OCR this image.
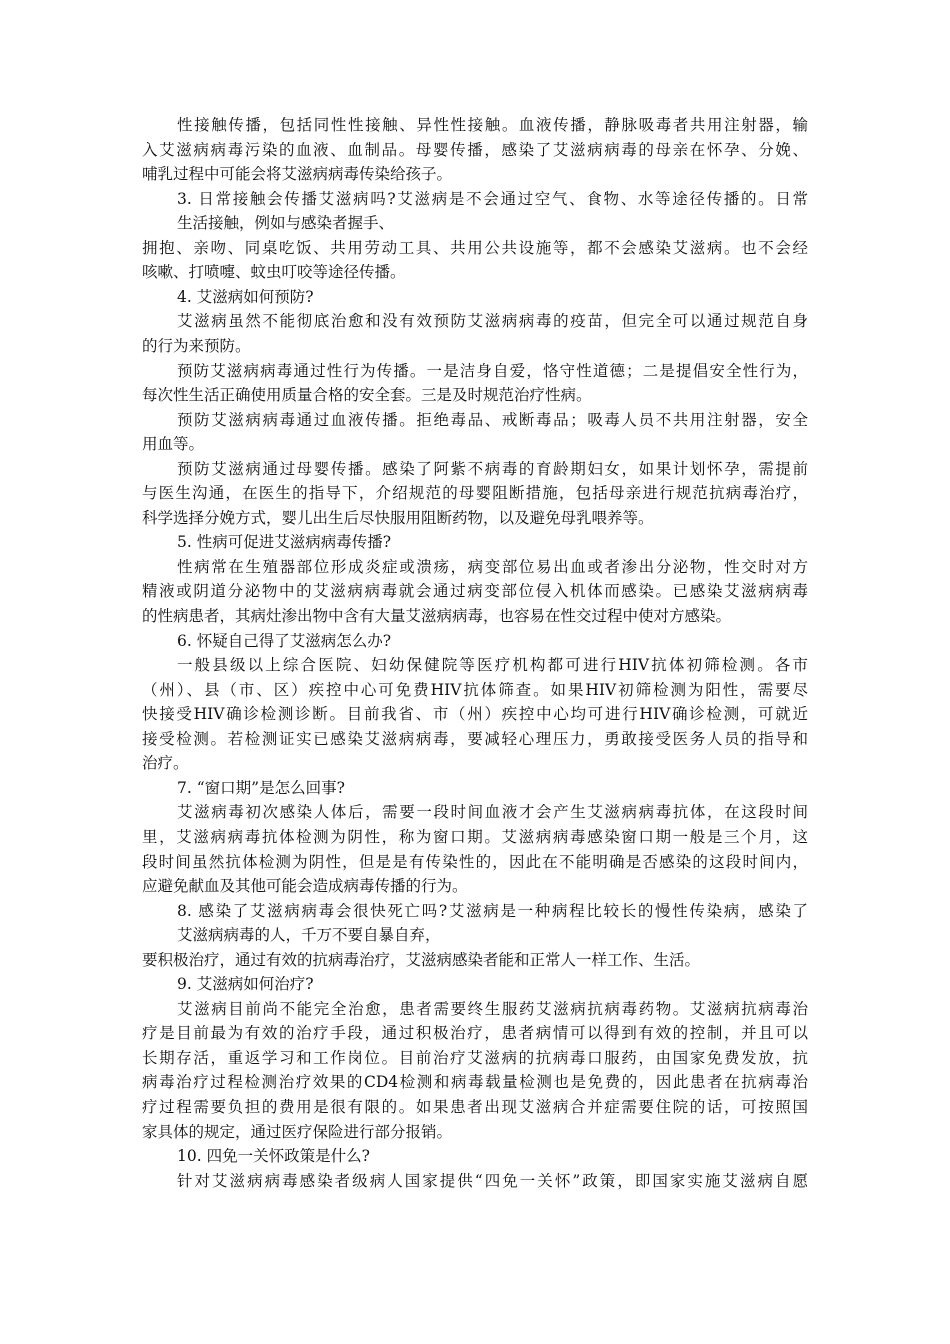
性接触传播，包括同性性接触、异性性接触。血液传播，静脉吸毒者共用注射器，输
入艾滋病病毒污染的血液、血制品。母婴传播，感染了艾滋病病毒的母亲在怀孕、分娩、
哺乳过程中可能会将艾滋病病毒传染给孩子。
3. 日常接触会传播艾滋病吗?艾滋病是不会通过空气、食物、水等途径传播的。日常
生活接触，例如与感染者握手、
拥抱、亲吻、同桌吃饭、共用劳动工具、共用公共设施等，都不会感染艾滋病。也不会经
咳嗽、打喷嚏、蚊虫叮咬等途径传播。
4. 艾滋病如何预防?
艾滋病虽然不能彻底治愈和没有效预防艾滋病病毒的疫苗，但完全可以通过规范自身
的行为来预防。
预防艾滋病病毒通过性行为传播。一是洁身自爱，恪守性道德；二是提倡安全性行为，
每次性生活正确使用质量合格的安全套。三是及时规范治疗性病。
预防艾滋病病毒通过血液传播。拒绝毒品、戒断毒品；吸毒人员不共用注射器，安全
用血等。
预防艾滋病通过母婴传播。感染了阿紫不病毒的育龄期妇女，如果计划怀孕，需提前
与医生沟通，在医生的指导下，介绍规范的母婴阻断措施，包括母亲进行规范抗病毒治疗，
科学选择分娩方式，婴儿出生后尽快服用阻断药物，以及避免母乳喂养等。
5. 性病可促进艾滋病病毒传播?
性病常在生殖器部位形成炎症或溃疡，病变部位易出血或者渗出分泌物，性交时对方
精液或阴道分泌物中的艾滋病病毒就会通过病变部位侵入机体而感染。已感染艾滋病病毒
的性病患者，其病灶渗出物中含有大量艾滋病病毒，也容易在性交过程中使对方感染。
6. 怀疑自己得了艾滋病怎么办?
一般县级以上综合医院、妇幼保健院等医疗机构都可进行HIV抗体初筛检测。各市
（州）、县（市、区）疾控中心可免费HIV抗体筛查。如果HIV初筛检测为阳性，需要尽
快接受HIV确诊检测诊断。目前我省、市（州）疾控中心均可进行HIV确诊检测，可就近
接受检测。若检测证实已感染艾滋病病毒，要减轻心理压力，勇敢接受医务人员的指导和
治疗。
7. “窗口期”是怎么回事?
艾滋病毒初次感染人体后，需要一段时间血液才会产生艾滋病病毒抗体，在这段时间
里，艾滋病病毒抗体检测为阴性，称为窗口期。艾滋病病毒感染窗口期一般是三个月，这
段时间虽然抗体检测为阴性，但是是有传染性的，因此在不能明确是否感染的这段时间内，
应避免献血及其他可能会造成病毒传播的行为。
8. 感染了艾滋病病毒会很快死亡吗?艾滋病是一种病程比较长的慢性传染病，感染了
艾滋病病毒的人，千万不要自暴自弃，
要积极治疗，通过有效的抗病毒治疗，艾滋病感染者能和正常人一样工作、生活。
9. 艾滋病如何治疗?
艾滋病目前尚不能完全治愈，患者需要终生服药艾滋病抗病毒药物。艾滋病抗病毒治
疗是目前最为有效的治疗手段，通过积极治疗，患者病情可以得到有效的控制，并且可以
长期存活，重返学习和工作岗位。目前治疗艾滋病的抗病毒口服药，由国家免费发放，抗
病毒治疗过程检测治疗效果的CD4检测和病毒载量检测也是免费的，因此患者在抗病毒治
疗过程需要负担的费用是很有限的。如果患者出现艾滋病合并症需要住院的话，可按照国
家具体的规定，通过医疗保险进行部分报销。
10. 四免一关怀政策是什么?
针对艾滋病病毒感染者级病人国家提供“四免一关怀”政策，即国家实施艾滋病自愿
